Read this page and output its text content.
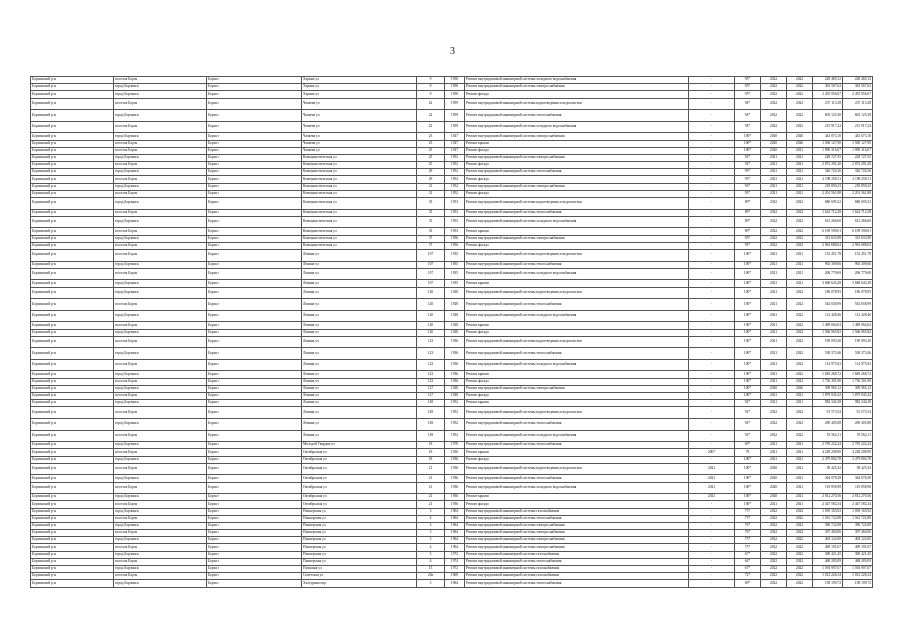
3
Борзинский р-н	поселок Борзя	Борзя г	Харина ул	9	1958	Ремонт внутридомовой инженерной системы холодного водоснабжения	-	95*	2022	2022	228 469,12	228 469,12
Борзинский р-н	город Борзинск	Борзя г	Харина ул	9	1958	Ремонт внутридомовой инженерной системы электроснабжения	-	95*	2022	2022	363 567,62	363 567,62
Борзинский р-н	город Борзинск	Борзя г	Харина ул	9	1958	Ремонт фасада	-	95*	2022	2022	2 455 956,07	2 455 956,07
Борзинский р-н	поселок Борзя	Борзя г	Чапаева ул	22	1959	Ремонт внутридомовой инженерной системы водоотведения и водоочистки	-	94*	2022	2022	237 115,28	237 115,28
Борзинский р-н	город Борзинск	Борзя г	Чапаева ул	22	1959	Ремонт внутридомовой инженерной системы теплоснабжения	-	94*	2022	2022	603 125,30	603 125,30
Борзинский р-н	поселок Борзя	Борзя г	Чапаева ул	22	1959	Ремонт внутридомовой инженерной системы холодного водоснабжения	-	94*	2022	2022	215 917,22	215 917,22
Борзинский р-н	город Борзинск	Борзя г	Чапаева ул	23	1927	Ремонт внутридомовой инженерной системы электроснабжения	-	100*	2020	2026	443 073,10	443 073,10
Борзинский р-н	поселок Борзя	Борзя г	Чапаева ул	23	1927	Ремонт крыши	-	100*	2020	2026	1 500 127,90	1 500 127,90
Борзинский р-н	поселок Борзя	Борзя г	Чапаева ул	23	1927	Ремонт фасада	-	100*	2020	2021	1 990 316,07	1 990 316,07
Борзинский р-н	город Борзинск	Борзя г	Коммунистическая ул	25	1952	Ремонт внутридомовой инженерной системы электроснабжения	-	92*	2021	2021	228 727,55	228 727,55
Борзинский р-н	поселок Борзя	Борзя г	Коммунистическая ул	25	1952	Ремонт фасада	-	92*	2021	2021	2 872 291,20	2 872 291,20
Борзинский р-н	город Борзинск	Борзя г	Коммунистическая ул	29	1952	Ремонт внутридомовой инженерной системы теплоснабжения	-	93*	2021	2021	326 724,36	326 724,36
Борзинский р-н	поселок Борзя	Борзя г	Коммунистическая ул	29	1952	Ремонт фасада	-	93*	2021	2021	2 198 258,11	2 198 258,11
Борзинский р-н	город Борзинск	Борзя г	Коммунистическая ул	31	1952	Ремонт внутридомовой инженерной системы электроснабжения	-	93*	2021	2021	218 859,23	218 859,23
Борзинский р-н	поселок Борзя	Борзя г	Коммунистическая ул	31	1952	Ремонт фасада	-	93*	2021	2021	2 201 561,88	2 201 561,88
Борзинский р-н	город Борзинск	Борзя г	Коммунистическая ул	35	1953	Ремонт внутридомовой инженерной системы водоотведения и водоочистки	-	89*	2022	2022	680 695,52	680 695,52
Борзинский р-н	поселок Борзя	Борзя г	Коммунистическая ул	35	1953	Ремонт внутридомовой инженерной системы теплоснабжения	-	89*	2022	2022	1 624 712,28	1 624 712,28
Борзинский р-н	город Борзинск	Борзя г	Коммунистическая ул	35	1953	Ремонт внутридомовой инженерной системы холодного водоснабжения	-	89*	2022	2022	612 266,60	612 266,60
Борзинский р-н	поселок Борзя	Борзя г	Коммунистическая ул	35	1953	Ремонт крыши	-	89*	2022	2022	6 109 590,01	6 109 590,01
Борзинский р-н	город Борзинск	Борзя г	Коммунистическая ул	37	1956	Ремонт внутридомовой инженерной системы электроснабжения	-	95*	2022	2023	313 633,98	313 633,98
Борзинский р-н	поселок Борзя	Борзя г	Коммунистическая ул	37	1956	Ремонт фасада	-	95*	2022	2023	2 963 688,04	2 963 688,04
Борзинский р-н	поселок Борзя	Борзя г	Ленина ул	107	1935	Ремонт внутридомовой инженерной системы водоотведения и водоочистки	-	100*	2021	2021	152 451,78	152 451,78
Борзинский р-н	город Борзинск	Борзя г	Ленина ул	107	1935	Ремонт внутридомовой инженерной системы теплоснабжения	-	100*	2021	2021	963 309,66	963 309,66
Борзинский р-н	поселок Борзя	Борзя г	Ленина ул	107	1935	Ремонт внутридомовой инженерной системы холодного водоснабжения	-	100*	2021	2021	206 779,69	206 779,69
Борзинский р-н	город Борзинск	Борзя г	Ленина ул	107	1935	Ремонт крыши	-	100*	2021	2021	3 668 643,28	3 668 643,28
Борзинский р-н	город Борзинск	Борзя г	Ленина ул	120	1928	Ремонт внутридомовой инженерной системы водоотведения и водоочистки	-	100*	2021	2022	186 078,95	186 078,95
Борзинский р-н	поселок Борзя	Борзя г	Ленина ул	120	1928	Ремонт внутридомовой инженерной системы теплоснабжения	-	100*	2021	2022	544 658,99	544 658,99
Борзинский р-н	город Борзинск	Борзя г	Ленина ул	120	1928	Ремонт внутридомовой инженерной системы холодного водоснабжения	-	100*	2021	2022	112 428,46	112 428,46
Борзинский р-н	поселок Борзя	Борзя г	Ленина ул	120	1928	Ремонт крыши	-	100*	2021	2022	1 489 064,04	1 489 064,04
Борзинский р-н	город Борзинск	Борзя г	Ленина ул	120	1928	Ремонт фасада	-	100*	2021	2022	1 566 965,82	1 566 965,82
Борзинский р-н	поселок Борзя	Борзя г	Ленина ул	123	1936	Ремонт внутридомовой инженерной системы водоотведения и водоочистки	-	100*	2021	2022	190 093,30	190 093,30
Борзинский р-н	город Борзинск	Борзя г	Ленина ул	123	1936	Ремонт внутридомовой инженерной системы теплоснабжения	-	100*	2021	2022	538 373,46	538 373,46
Борзинский р-н	поселок Борзя	Борзя г	Ленина ул	123	1936	Ремонт внутридомовой инженерной системы холодного водоснабжения	-	100*	2021	2022	114 975,92	114 975,92
Борзинский р-н	город Борзинск	Борзя г	Ленина ул	123	1936	Ремонт крыши	-	100*	2021	2022	1 849 268,72	1 849 268,72
Борзинский р-н	поселок Борзя	Борзя г	Ленина ул	123	1936	Ремонт фасада	-	100*	2021	2022	1 736 301,90	1 736 301,90
Борзинский р-н	город Борзинск	Борзя г	Ленина ул	127	1928	Ремонт внутридомовой инженерной системы электроснабжения	-	100*	2020	2026	309 965,12	309 965,12
Борзинский р-н	поселок Борзя	Борзя г	Ленина ул	127	1928	Ремонт фасада	-	100*	2021	2021	1 879 945,42	1 879 945,42
Борзинский р-н	город Борзинск	Борзя г	Ленина ул	149	1952	Ремонт крыши	-	92*	2021	2021	982 344,38	982 344,38
Борзинский р-н	поселок Борзя	Борзя г	Ленина ул	149	1952	Ремонт внутридомовой инженерной системы водоотведения и водоочистки	-	92*	2022	2022	91 573,54	91 573,54
Борзинский р-н	город Борзинск	Борзя г	Ленина ул	149	1952	Ремонт внутридомовой инженерной системы теплоснабжения	-	92*	2022	2022	269 405,88	269 405,88
Борзинский р-н	поселок Борзя	Борзя г	Ленина ул	149	1952	Ремонт внутридомовой инженерной системы холодного водоснабжения	-	92*	2022	2022	55 562,11	55 562,11
Борзинский р-н	город Борзинск	Борзя г	Молодой Гвардии ул	18	1978	Ремонт внутридомовой инженерной системы теплоснабжения	-	69*	2021	2021	2 795 222,24	2 795 222,24
Борзинский р-н	поселок Борзя	Борзя г	Октябрьская ул	18	1936	Ремонт крыши	2007	78	2021	2021	4 228 208,90	4 228 208,90
Борзинский р-н	город Борзинск	Борзя г	Октябрьская ул	18	1936	Ремонт фасада	-	100*	2021	2021	2 479 804,78	2 479 804,78
Борзинский р-н	поселок Борзя	Борзя г	Октябрьская ул	21	1936	Ремонт внутридомовой инженерной системы водоотведения и водоочистки	2021	100*	2020	2021	58 425,32	58 425,32
Борзинский р-н	город Борзинск	Борзя г	Октябрьская ул	21	1936	Ремонт внутридомовой инженерной системы теплоснабжения	2021	100*	2020	2021	364 078,38	364 078,38
Борзинский р-н	поселок Борзя	Борзя г	Октябрьская ул	21	1936	Ремонт внутридомовой инженерной системы холодного водоснабжения	2021	100*	2020	2021	119 858,98	119 858,98
Борзинский р-н	город Борзинск	Борзя г	Октябрьская ул	21	1936	Ремонт крыши	2021	100*	2020	2021	2 812 270,36	2 812 270,36
Борзинский р-н	поселок Борзя	Борзя г	Октябрьская ул	21	1936	Ремонт фасада	-	100*	2021	2021	2 447 582,34	2 447 582,34
Борзинский р-н	город Борзинск	Борзя г	Пионерская ул	3	1964	Ремонт внутридомовой инженерной системы газоснабжения	-	73*	2022	2022	1 039 163,92	1 039 163,92
Борзинский р-н	поселок Борзя	Борзя г	Пионерская ул	4	1964	Ремонт внутридомовой инженерной системы теплоснабжения	-	73*	2022	2022	1 561 722,88	1 561 722,88
Борзинский р-н	город Борзинск	Борзя г	Пионерская ул	3	1964	Ремонт внутридомовой инженерной системы электроснабжения	-	76*	2022	2022	396 722,08	396 722,08
Борзинский р-н	поселок Борзя	Борзя г	Пионерская ул	3	1964	Ремонт внутридомовой инженерной системы электроснабжения	-	76*	2022	2022	397 460,06	397 460,06
Борзинский р-н	город Борзинск	Борзя г	Пионерская ул	3	1964	Ремонт внутридомовой инженерной системы электроснабжения	-	75*	2022	2022	404 122,00	404 122,00
Борзинский р-н	поселок Борзя	Борзя г	Пионерская ул	4	1964	Ремонт внутридомовой инженерной системы электроснабжения	-	75*	2022	2022	409 191,67	409 191,67
Борзинский р-н	город Борзинск	Борзя г	Пионерская ул	5	1972	Ремонт внутридомовой инженерной системы газоснабжения	-	67*	2022	2022	390 421,45	390 421,45
Борзинский р-н	поселок Борзя	Борзя г	Пионерская ул	6	1974	Ремонт внутридомовой инженерной системы теплоснабжения	-	64*	2022	2022	468 283,09	468 283,09
Борзинский р-н	город Борзинск	Борзя г	Пушкина ул	15	1972	Ремонт внутридомовой инженерной системы газоснабжения	-	67*	2022	2022	1 594 907,67	1 594 907,67
Борзинский р-н	поселок Борзя	Борзя г	Советская ул	20а	1969	Ремонт внутридомовой инженерной системы газоснабжения	-	72*	2022	2022	1 012 226,34	1 012 226,34
Борзинский р-н	город Борзинск	Борзя г	Халтурина пер	3	1964	Ремонт внутридомовой инженерной системы теплоснабжения	-	69*	2022	2022	158 199,72	158 199,72
